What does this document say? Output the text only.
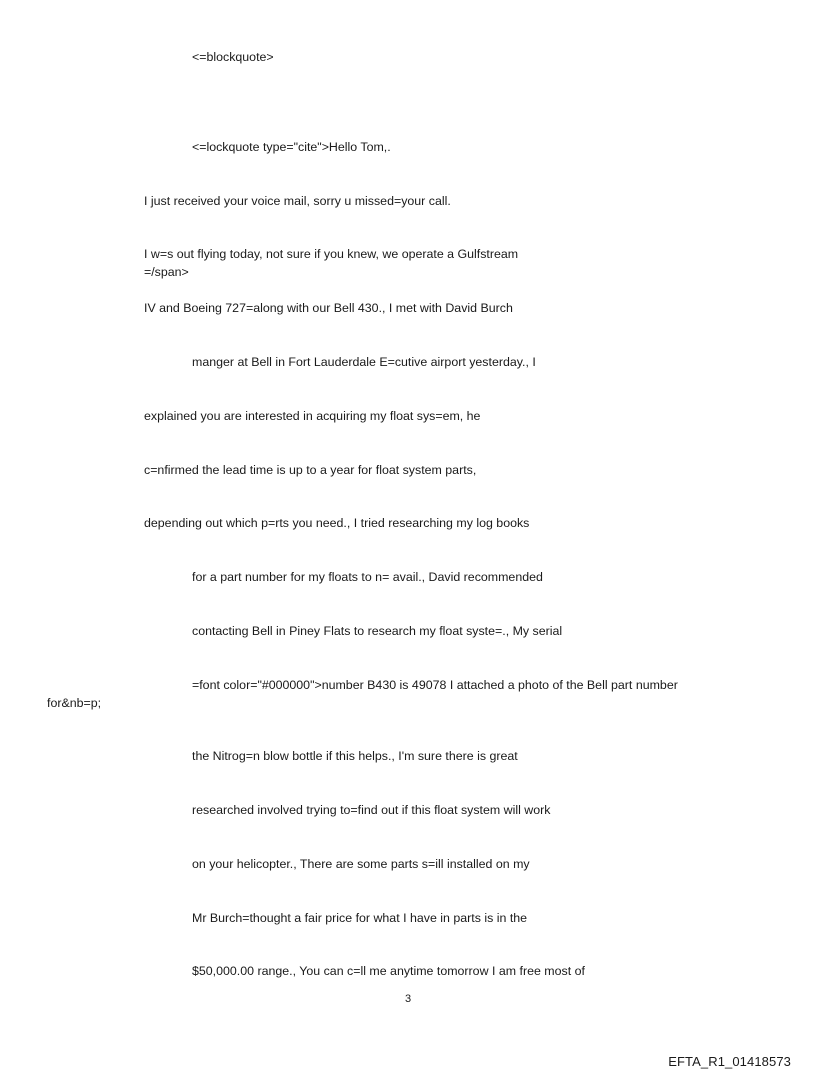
<=blockquote>
<=lockquote type="cite">Hello Tom,.
I just received your voice mail, sorry u missed=your call.
I w=s out flying today, not sure if you knew, we operate a Gulfstream
=/span>
IV and Boeing 727=along with our Bell 430., I met with David Burch
manger at Bell in Fort Lauderdale E=cutive airport yesterday., I
explained you are interested in acquiring my float sys=em, he
c=nfirmed the lead time is up to a year for float system parts,
depending out which p=rts you need., I tried researching my log books
for a part number for my floats to n= avail., David recommended
contacting Bell in Piney Flats to research my float syste=., My serial
=font color="#000000">number B430 is 49078 I attached a photo of the Bell part number
for&nb=p;
the Nitrog=n blow bottle if this helps., I'm sure there is great
researched involved trying to=find out if this float system will work
on your helicopter., There are some parts s=ill installed on my
Mr Burch=thought a fair price for what I have in parts is in the
$50,000.00 range., You can c=ll me anytime tomorrow I am free most of
3
EFTA_R1_01418573
